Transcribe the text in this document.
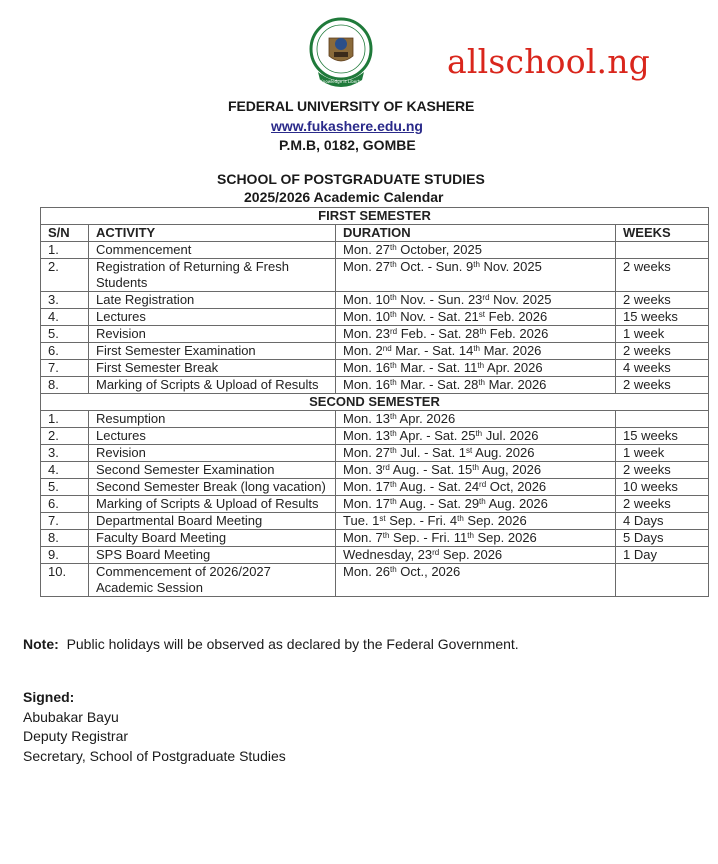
Knowledge is Liberty
allschool.ng
FEDERAL UNIVERSITY OF KASHERE
www.fukashere.edu.ng
P.M.B, 0182, GOMBE
SCHOOL OF POSTGRADUATE STUDIES
2025/2026 Academic Calendar
FIRST SEMESTER			
S/N	ACTIVITY	DURATION	WEEKS
1.	Commencement	Mon. 27th October, 2025	
2.	Registration of Returning & Fresh Students	Mon. 27th Oct. - Sun. 9th Nov. 2025	2 weeks
3.	Late Registration	Mon. 10th Nov. - Sun. 23rd Nov. 2025	2 weeks
4.	Lectures	Mon. 10th Nov. - Sat. 21st Feb. 2026	15 weeks
5.	Revision	Mon. 23rd Feb. - Sat. 28th Feb. 2026	1 week
6.	First Semester Examination	Mon. 2nd Mar. - Sat. 14th Mar. 2026	2 weeks
7.	First Semester Break	Mon. 16th Mar. - Sat. 11th Apr. 2026	4 weeks
8.	Marking of Scripts & Upload of Results	Mon. 16th Mar. - Sat. 28th Mar. 2026	2 weeks
SECOND SEMESTER			
1.	Resumption	Mon. 13th Apr. 2026	
2.	Lectures	Mon. 13th Apr. - Sat. 25th Jul. 2026	15 weeks
3.	Revision	Mon. 27th Jul. - Sat. 1st Aug. 2026	1 week
4.	Second Semester Examination	Mon. 3rd Aug. - Sat. 15th Aug, 2026	2 weeks
5.	Second Semester Break (long vacation)	Mon. 17th Aug. - Sat. 24rd Oct, 2026	10 weeks
6.	Marking of Scripts & Upload of Results	Mon. 17th Aug. - Sat. 29th Aug. 2026	2 weeks
7.	Departmental Board Meeting	Tue. 1st Sep. - Fri. 4th Sep. 2026	4 Days
8.	Faculty Board Meeting	Mon. 7th Sep. - Fri. 11th Sep. 2026	5 Days
9.	SPS Board Meeting	Wednesday, 23rd Sep. 2026	1 Day
10.	Commencement of 2026/2027 Academic Session	Mon. 26th Oct., 2026	
Note: Public holidays will be observed as declared by the Federal Government.
Signed:
Abubakar Bayu
Deputy Registrar
Secretary, School of Postgraduate Studies
